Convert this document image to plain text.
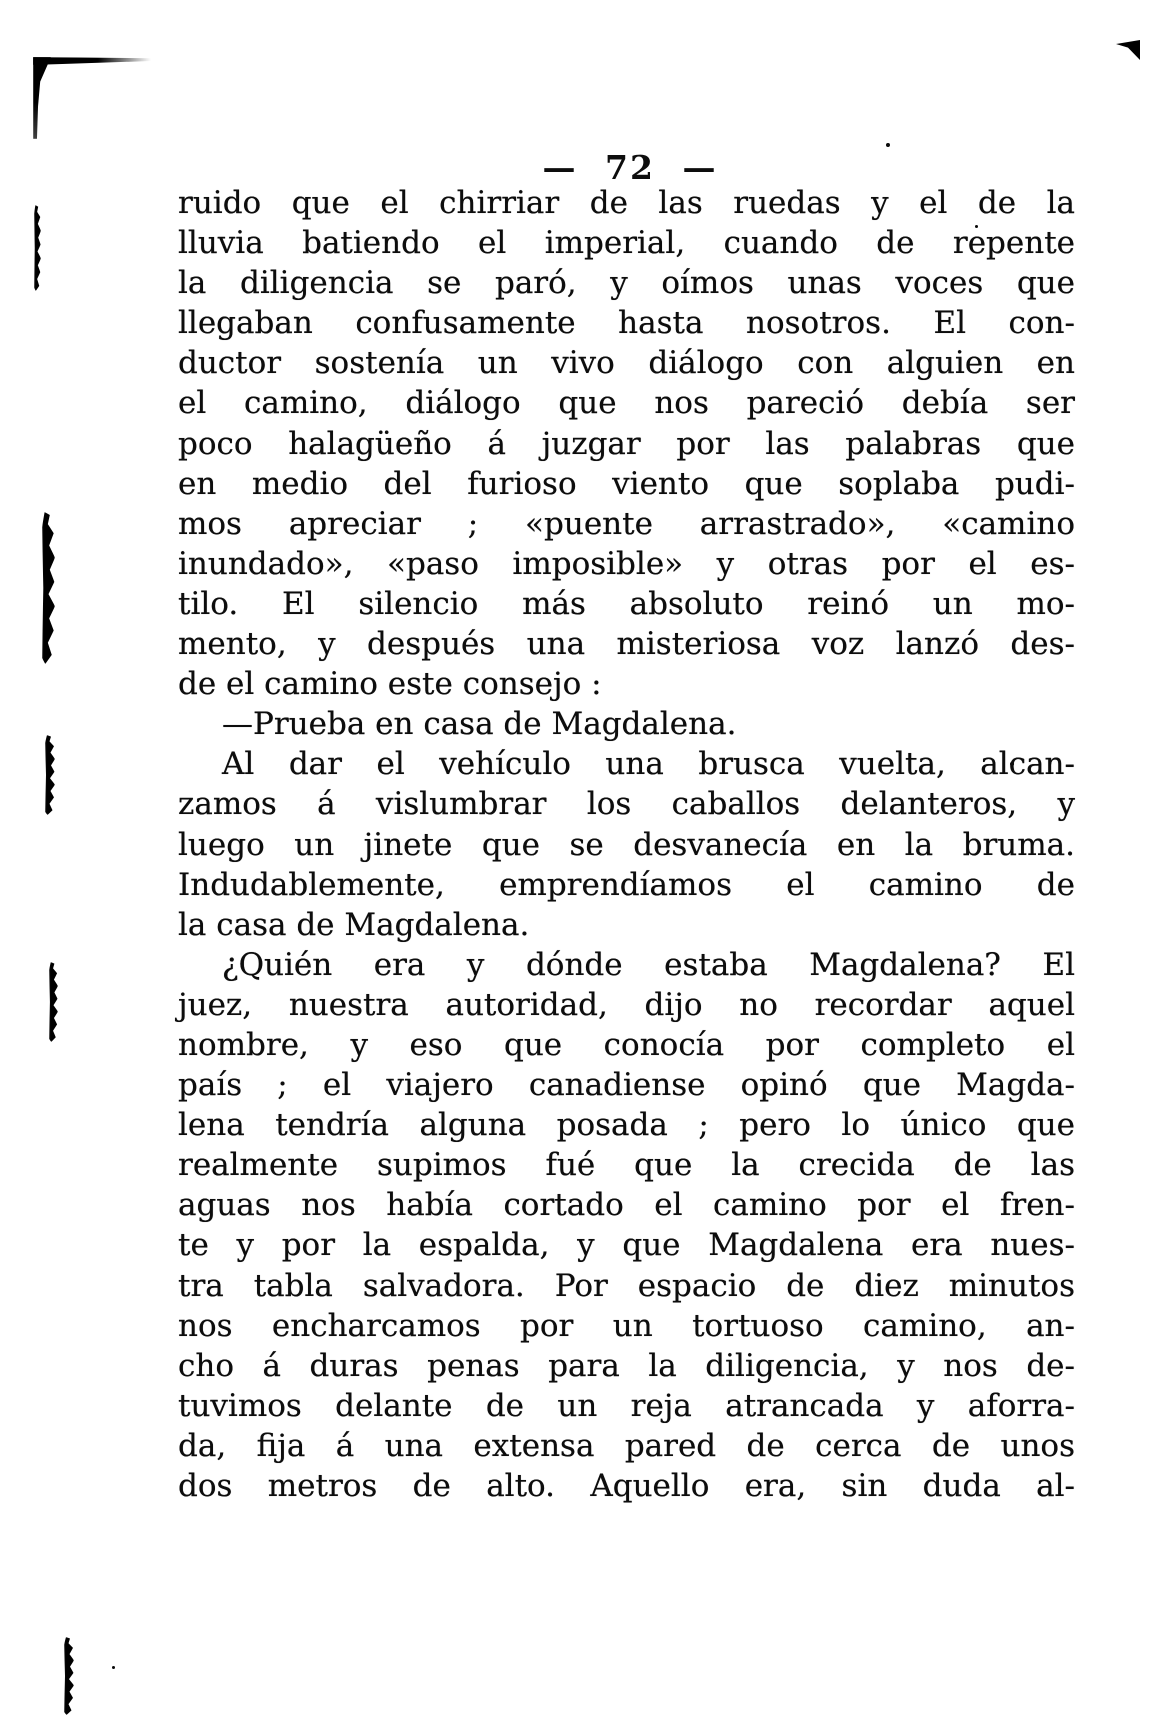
— 72 —
ruido que el chirriar de las ruedas y el de la
lluvia batiendo el imperial, cuando de repente
la diligencia se paró, y oímos unas voces que
llegaban confusamente hasta nosotros. El con-
ductor sostenía un vivo diálogo con alguien en
el camino, diálogo que nos pareció debía ser
poco halagüeño á juzgar por las palabras que
en medio del furioso viento que soplaba pudi-
mos apreciar ; «puente arrastrado», «camino
inundado», «paso imposible» y otras por el es-
tilo. El silencio más absoluto reinó un mo-
mento, y después una misteriosa voz lanzó des-
de el camino este consejo :
—Prueba en casa de Magdalena.
Al dar el vehículo una brusca vuelta, alcan-
zamos á vislumbrar los caballos delanteros, y
luego un jinete que se desvanecía en la bruma.
Indudablemente, emprendíamos el camino de
la casa de Magdalena.
¿Quién era y dónde estaba Magdalena? El
juez, nuestra autoridad, dijo no recordar aquel
nombre, y eso que conocía por completo el
país ; el viajero canadiense opinó que Magda-
lena tendría alguna posada ; pero lo único que
realmente supimos fué que la crecida de las
aguas nos había cortado el camino por el fren-
te y por la espalda, y que Magdalena era nues-
tra tabla salvadora. Por espacio de diez minutos
nos encharcamos por un tortuoso camino, an-
cho á duras penas para la diligencia, y nos de-
tuvimos delante de un reja atrancada y aforra-
da, fija á una extensa pared de cerca de unos
dos metros de alto. Aquello era, sin duda al-
